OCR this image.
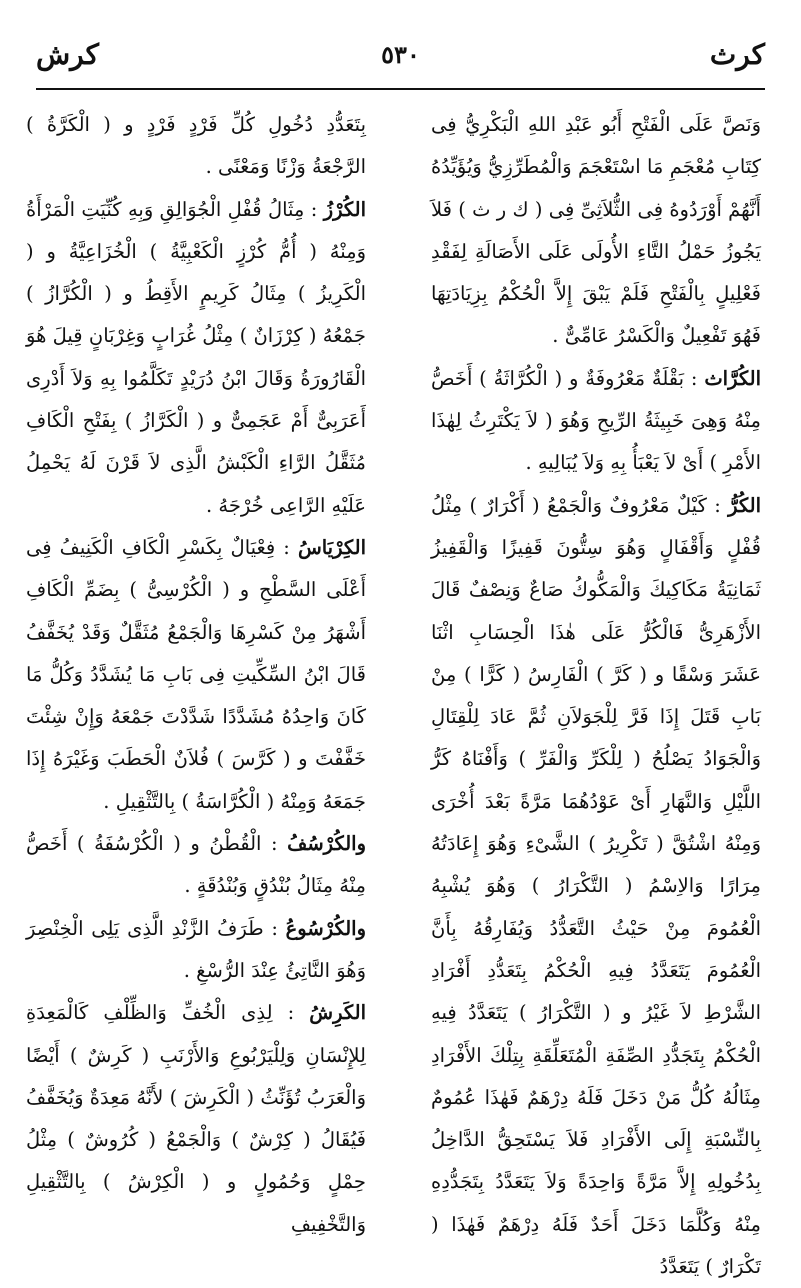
كرث
٥٣٠
كرش

وَنَصَّ عَلَى الْفَتْحِ أَبُو عَبْدِ اللهِ الْبَكْرِيُّ فِى كِتَابِ مُعْجَمِ مَا اسْتَعْجَمَ وَالْمُطَرِّزِيُّ وَيُؤَيِّدُهُ أَنَّهُمْ أَوْرَدُوهُ فِى الثُّلاَثِىِّ فِى ( ك ر ث ) فَلاَ يَجُوزُ حَمْلُ التَّاءِ الأُولَى عَلَى الأَصَالَةِ لِفَقْدِ فَعْلِيلٍ بِالْفَتْحِ فَلَمْ يَبْقَ إِلاَّ الْحُكْمُ بِزِيَادَتِهَا فَهُوَ تَفْعِيلٌ وَالْكَسْرُ عَامِّىٌّ .

الكُرَّاث : بَقْلَةٌ مَعْرُوفَةٌ و ( الْكُرَّاثَةُ ) أَخَصُّ مِنْهُ وَهِىَ خَبِيثَةُ الرِّيحِ وَهُوَ ( لاَ يَكْتَرِثُ لِهٰذَا الأَمْرِ ) أَىْ لاَ يَعْبَأُ بِهِ وَلاَ يُبَالِيهِ .

الكُرُّ : كَيْلٌ مَعْرُوفٌ وَالْجَمْعُ ( أَكْرَارٌ ) مِثْلُ قُفْلٍ وَأَقْفَالٍ وَهُوَ سِتُّونَ قَفِيزًا وَالْقَفِيزُ ثَمَانِيَةُ مَكَاكِيكَ وَالْمَكُّوكُ صَاعٌ وَنِصْفٌ قَالَ الأَزْهَرِىُّ فَالْكُرُّ عَلَى هٰذَا الْحِسَابِ اثْنَا عَشَرَ وَسْقًا و ( كَرَّ ) الْفَارِسُ ( كَرًّا ) مِنْ بَابِ قَتَلَ إِذَا فَرَّ لِلْجَوَلاَنِ ثُمَّ عَادَ لِلْقِتَالِ وَالْجَوَادُ يَصْلُحُ ( لِلْكَرِّ وَالْفَرِّ ) وَأَفْنَاهُ كَرُّ اللَّيْلِ وَالنَّهَارِ أَىْ عَوْدُهُمَا مَرَّةً بَعْدَ أُخْرَى وَمِنْهُ اشْتُقَّ ( تَكْرِيرُ ) الشَّىْءِ وَهُوَ إِعَادَتُهُ مِرَارًا وَالاِسْمُ ( التَّكْرَارُ ) وَهُوَ يُشْبِهُ الْعُمُومَ مِنْ حَيْثُ التَّعَدُّدُ وَيُفَارِقُهُ بِأَنَّ الْعُمُومَ يَتَعَدَّدُ فِيهِ الْحُكْمُ بِتَعَدُّدِ أَفْرَادِ الشَّرْطِ لاَ غَيْرُ و ( التَّكْرَارُ ) يَتَعَدَّدُ فِيهِ الْحُكْمُ بِتَجَدُّدِ الصِّفَةِ الْمُتَعَلِّقَةِ بِتِلْكَ الأَفْرَادِ مِثَالُهُ كُلُّ مَنْ دَخَلَ فَلَهُ دِرْهَمٌ فَهٰذَا عُمُومٌ بِالنِّسْبَةِ إِلَى الأَفْرَادِ فَلاَ يَسْتَحِقُّ الدَّاخِلُ بِدُخُولِهِ إِلاَّ مَرَّةً وَاحِدَةً وَلاَ يَتَعَدَّدُ بِتَجَدُّدِهِ مِنْهُ وَكُلَّمَا دَخَلَ أَحَدٌ فَلَهُ دِرْهَمٌ فَهٰذَا ( تَكْرَارٌ ) يَتَعَدَّدُ

بِتَعَدُّدِ دُخُولِ كُلِّ فَرْدٍ فَرْدٍ و ( الْكَرَّةُ ) الرَّجْعَةُ وَزْنًا وَمَعْنًى .

الكُرْزُ : مِثَالُ قُفْلِ الْجُوَالِقِ وَبِهِ كُنِّيَتِ الْمَرْأَةُ وَمِنْهُ ( أُمُّ كُرْزٍ الْكَعْبِيَّةُ ) الْخُزَاعِيَّةُ و ( الْكَرِيزُ ) مِثَالُ كَرِيمٍ الأَقِطُ و ( الْكُرَّازُ ) جَمْعُهُ ( كِرْزَانٌ ) مِثْلُ غُرَابٍ وَغِرْبَانٍ قِيلَ هُوَ الْقَارُورَةُ وَقَالَ ابْنُ دُرَيْدٍ تَكَلَّمُوا بِهِ وَلاَ أَدْرِى أَعَرَبِىٌّ أَمْ عَجَمِىٌّ و ( الْكَرَّازُ ) بِفَتْحِ الْكَافِ مُثَقَّلُ الرَّاءِ الْكَبْشُ الَّذِى لاَ قَرْنَ لَهُ يَحْمِلُ عَلَيْهِ الرَّاعِى خُرْجَهُ .

الكِرْيَاسُ : فِعْيَالٌ بِكَسْرِ الْكَافِ الْكَنِيفُ فِى أَعْلَى السَّطْحِ و ( الْكُرْسِىُّ ) بِضَمِّ الْكَافِ أَشْهَرُ مِنْ كَسْرِهَا وَالْجَمْعُ مُثَقَّلٌ وَقَدْ يُخَفَّفُ قَالَ ابْنُ السِّكِّيتِ فِى بَابِ مَا يُشَدَّدُ وَكُلُّ مَا كَانَ وَاحِدُهُ مُشَدَّدًا شَدَّدْتَ جَمْعَهُ وَإِنْ شِئْتَ خَفَّفْتَ و ( كَرَّسَ ) فُلاَنٌ الْحَطَبَ وَغَيْرَهُ إِذَا جَمَعَهُ وَمِنْهُ ( الْكُرَّاسَةُ ) بِالتَّثْقِيلِ .

والكُرْسُفُ : الْقُطْنُ و ( الْكُرْسُفَةُ ) أَخَصُّ مِنْهُ مِثَالُ بُنْدُقٍ وَبُنْدُقَةٍ .

والكُرْسُوعُ : طَرَفُ الزَّنْدِ الَّذِى يَلِى الْخِنْصِرَ وَهُوَ النَّاتِئُ عِنْدَ الرُّسْغِ .

الكَرِشُ : لِذِى الْخُفِّ وَالظِّلْفِ كَالْمَعِدَةِ لِلإِنْسَانِ وَلِلْيَرْبُوعِ وَالأَرْنَبِ ( كَرِشٌ ) أَيْضًا وَالْعَرَبُ تُؤَنِّثُ ( الْكَرِشَ ) لأَنَّهُ مَعِدَةٌ وَيُخَفَّفُ فَيُقَالُ ( كِرْشٌ ) وَالْجَمْعُ ( كُرُوشٌ ) مِثْلُ حِمْلٍ وَحُمُولٍ و ( الْكِرْشُ ) بِالتَّثْقِيلِ وَالتَّخْفِيفِ
